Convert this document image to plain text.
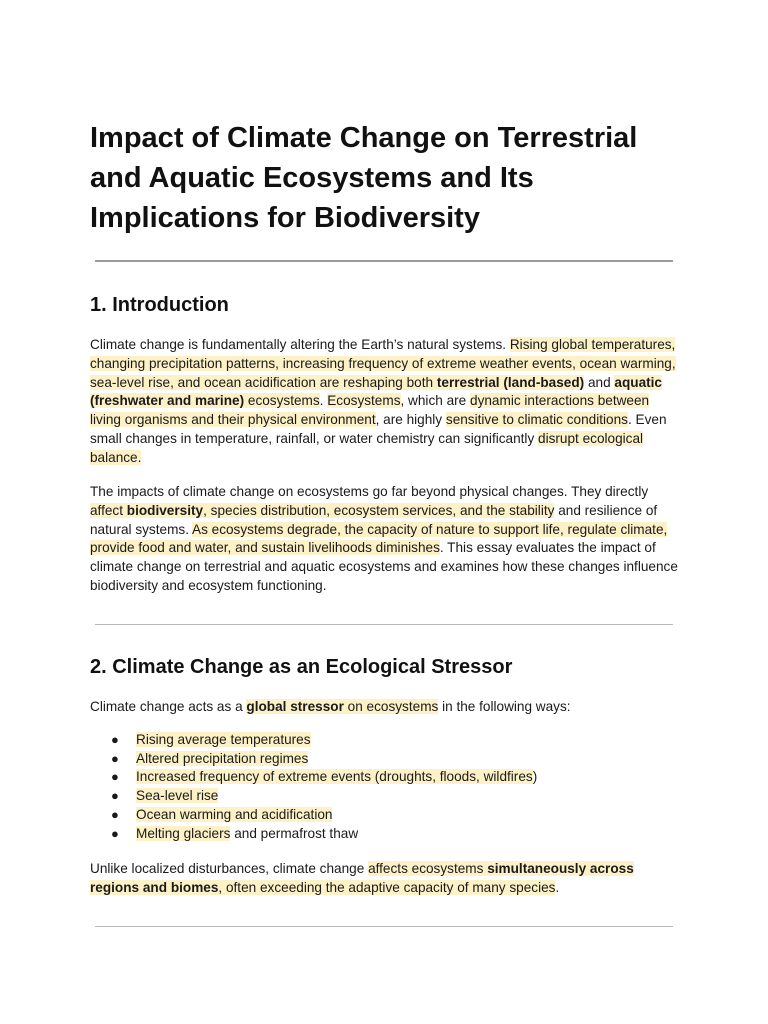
Impact of Climate Change on Terrestrial and Aquatic Ecosystems and Its Implications for Biodiversity
1. Introduction

Climate change is fundamentally altering the Earth’s natural systems. Rising global temperatures, changing precipitation patterns, increasing frequency of extreme weather events, ocean warming, sea-level rise, and ocean acidification are reshaping both terrestrial (land-based) and aquatic (freshwater and marine) ecosystems. Ecosystems, which are dynamic interactions between living organisms and their physical environment, are highly sensitive to climatic conditions. Even small changes in temperature, rainfall, or water chemistry can significantly disrupt ecological balance.

The impacts of climate change on ecosystems go far beyond physical changes. They directly affect biodiversity, species distribution, ecosystem services, and the stability and resilience of natural systems. As ecosystems degrade, the capacity of nature to support life, regulate climate, provide food and water, and sustain livelihoods diminishes. This essay evaluates the impact of climate change on terrestrial and aquatic ecosystems and examines how these changes influence biodiversity and ecosystem functioning.

2. Climate Change as an Ecological Stressor

Climate change acts as a global stressor on ecosystems in the following ways:

● Rising average temperatures
● Altered precipitation regimes
● Increased frequency of extreme events (droughts, floods, wildfires)
● Sea-level rise
● Ocean warming and acidification
● Melting glaciers and permafrost thaw

Unlike localized disturbances, climate change affects ecosystems simultaneously across regions and biomes, often exceeding the adaptive capacity of many species.
